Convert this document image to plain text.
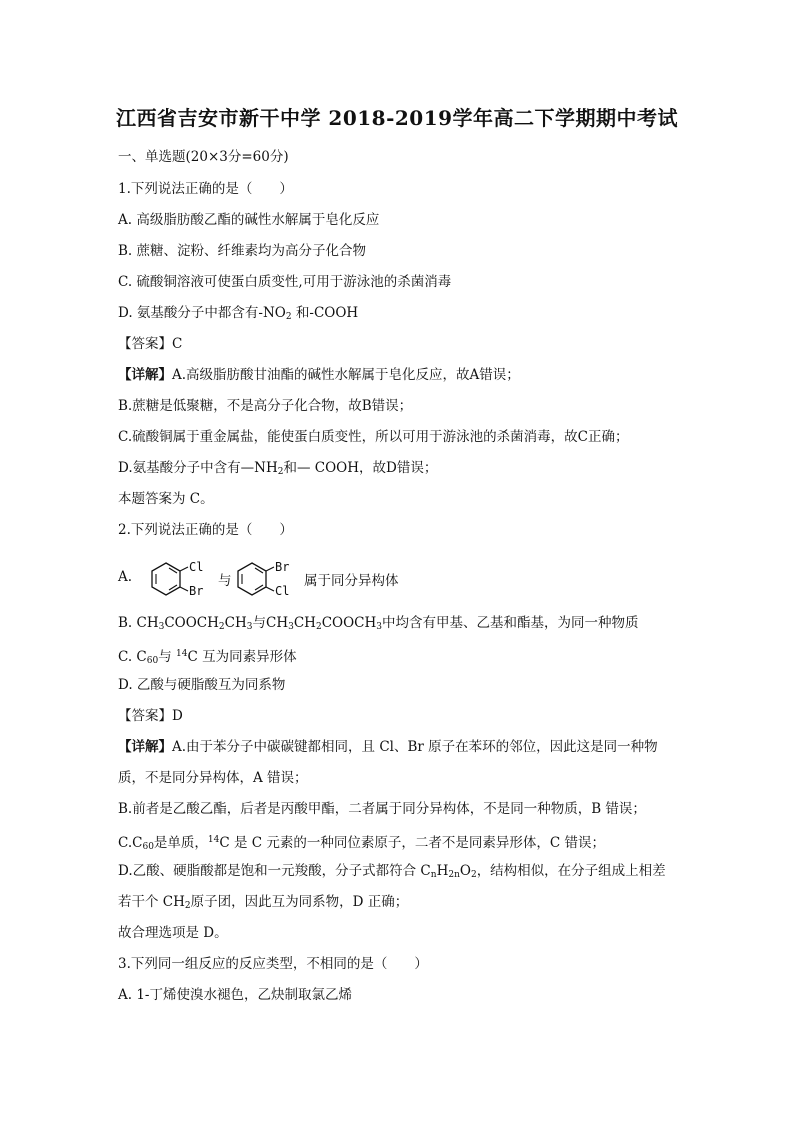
江西省吉安市新干中学 2018-2019学年高二下学期期中考试
一、单选题(20×3分=60分)
1.下列说法正确的是（　　）
A. 高级脂肪酸乙酯的碱性水解属于皂化反应
B. 蔗糖、淀粉、纤维素均为高分子化合物
C. 硫酸铜溶液可使蛋白质变性,可用于游泳池的杀菌消毒
D. 氨基酸分子中都含有$-NO_2$ 和-COOH
【答案】C
【详解】A.高级脂肪酸甘油酯的碱性水解属于皂化反应，故A错误；
B.蔗糖是低聚糖，不是高分子化合物，故B错误；
C.硫酸铜属于重金属盐，能使蛋白质变性，所以可用于游泳池的杀菌消毒，故C正确；
D.氨基酸分子中含有$—NH_2$和— COOH，故D错误；
本题答案为 C。
2.下列说法正确的是（　　）
A.
Cl
Br
与
Br
Cl
属于同分异构体
B. $CH_3COOCH_2CH_3$与$CH_3CH_2COOCH_3$中均含有甲基、乙基和酯基，为同一种物质
C. $C_{60}$与 $^{14}$C 互为同素异形体
D. 乙酸与硬脂酸互为同系物
【答案】D
【详解】A.由于苯分子中碳碳键都相同，且 Cl、Br 原子在苯环的邻位，因此这是同一种物
质，不是同分异构体，A 错误；
B.前者是乙酸乙酯，后者是丙酸甲酯，二者属于同分异构体，不是同一种物质，B 错误；
$C.C_{60}$是单质，$^{14}$C 是 C 元素的一种同位素原子，二者不是同素异形体，C 错误；
D.乙酸、硬脂酸都是饱和一元羧酸，分子式都符合 $C_nH_{2n}O_2$，结构相似，在分子组成上相差
若干个 $CH_2$原子团，因此互为同系物，D 正确；
故合理选项是 D。
3.下列同一组反应的反应类型，不相同的是（　　）
A. 1-丁烯使溴水褪色，乙炔制取氯乙烯
